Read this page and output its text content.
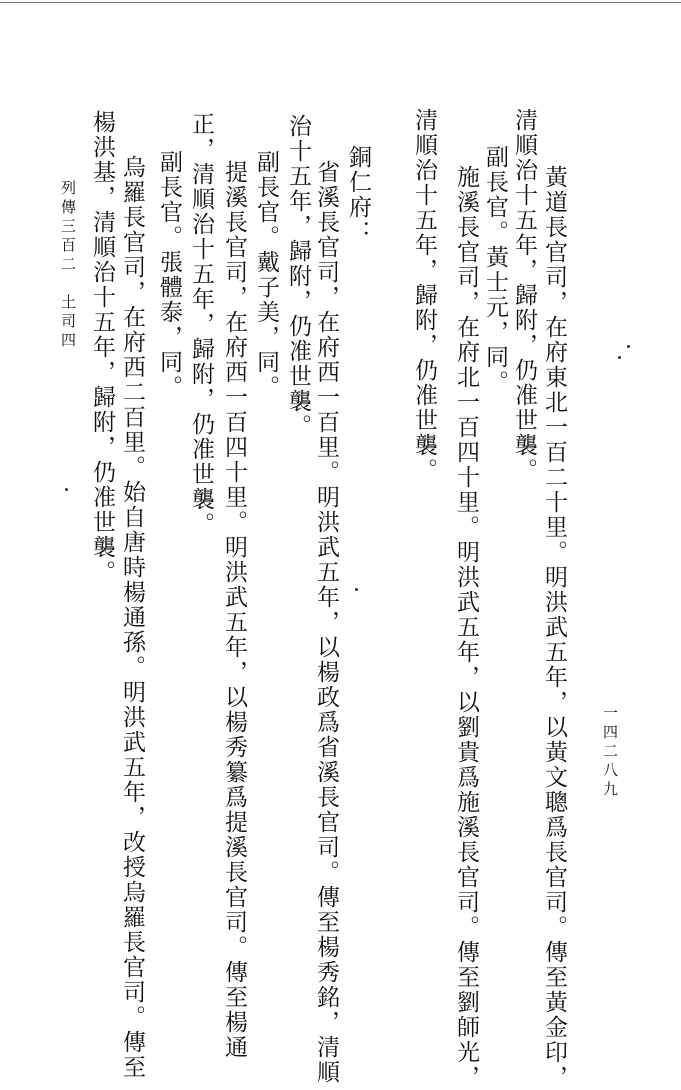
黃道長官司，在府東北一百二十里。明洪武五年，以黃文聰爲長官司。傳至黃金印，
清順治十五年，歸附，仍准世襲。
副長官。黃士元，同。
施溪長官司，在府北一百四十里。明洪武五年，以劉貴爲施溪長官司。傳至劉師光，
清順治十五年，歸附，仍准世襲。
銅仁府：
省溪長官司，在府西一百里。明洪武五年，以楊政爲省溪長官司。傳至楊秀銘，清順
治十五年，歸附，仍准世襲。
副長官。戴子美，同。
提溪長官司，在府西一百四十里。明洪武五年，以楊秀纂爲提溪長官司。傳至楊通
正，清順治十五年，歸附，仍准世襲。
副長官。張體泰，同。
烏羅長官司，在府西二百里。始自唐時楊通孫。明洪武五年，改授烏羅長官司。傳至
楊洪基，清順治十五年，歸附，仍准世襲。
列傳三百二　土司四
一四二八九
